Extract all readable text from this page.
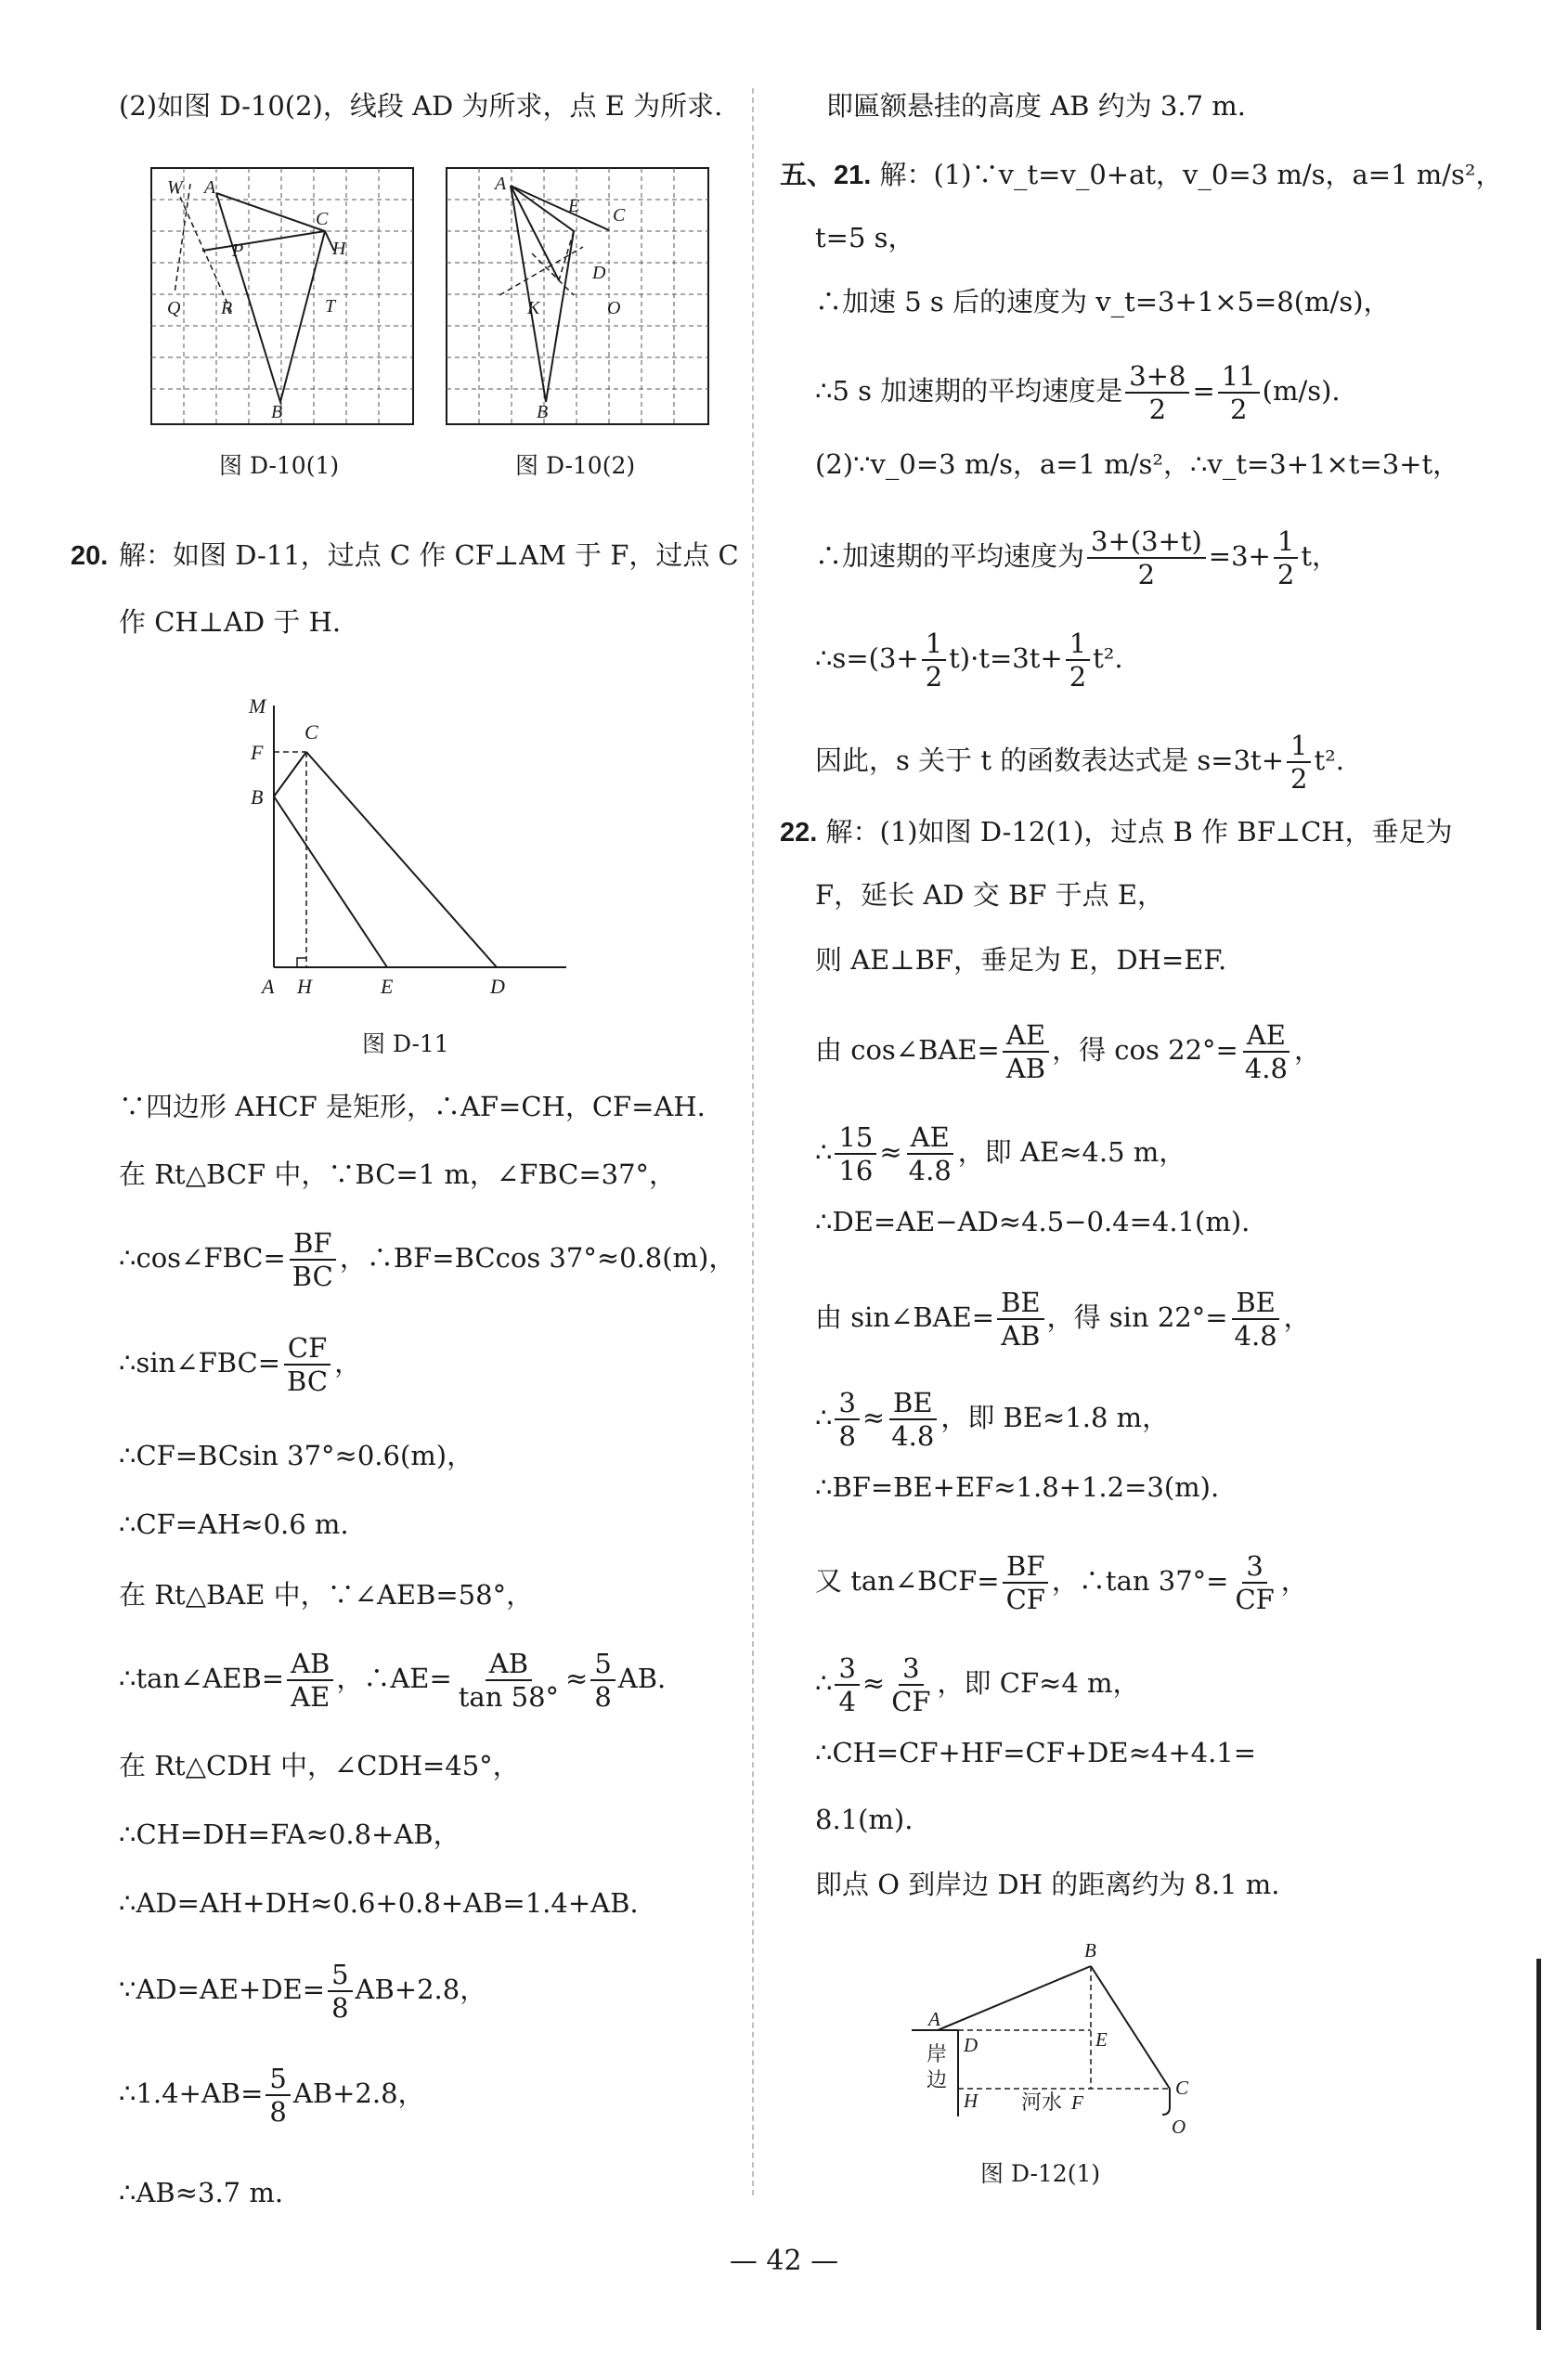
(2)如图 D-10(2)，线段 AD 为所求，点 E 为所求.
W A
C
H
P
Q R	T
B
图 D-10(1)
A
E C
D
K	O
B
图 D-10(2)
20. 解：如图 D-11，过点 C 作 CF⊥AM 于 F，过点 C
作 CH⊥AD 于 H.
M
F
C
B
A H	E	D
图 D-11
∵四边形 AHCF 是矩形，∴AF=CH，CF=AH.
在 Rt△BCF 中，∵BC=1 m，∠FBC=37°，
∴cos∠FBC= $\frac{BF}{BC}$ ，∴BF=BCcos 37°≈0.8(m)，
∴sin∠FBC= $\frac{CF}{BC}$ ，
∴CF=BCsin 37°≈0.6(m)，
∴CF=AH≈0.6 m.
在 Rt△BAE 中，∵∠AEB=58°，
∴tan∠AEB= $\frac{AB}{AE}$ ，∴AE= $\frac{AB}{\tan 58^\circ} \approx \frac{5}{8}$ AB.
在 Rt△CDH 中，∠CDH=45°，
∴CH=DH=FA≈0.8+AB，
∴AD=AH+DH≈0.6+0.8+AB=1.4+AB.
∵AD=AE+DE= $\frac{5}{8} AB+2.8$，
∴1.4+AB= $\frac{5}{8} AB+2.8$，
∴AB≈3.7 m.
即匾额悬挂的高度 AB 约为 3.7 m.
五、21. 解：(1)∵v_t=v_0+at，v_0=3 m/s，a=1 m/s²，
t=5 s，
∴加速 5 s 后的速度为 v_t=3+1×5=8(m/s)，
∴5 s 加速期的平均速度是 $\frac{3+8}{2} = \frac{11}{2} (m/s)$.
(2)∵v_0=3 m/s，a=1 m/s²，∴v_t=3+1×t=3+t，
∴加速期的平均速度为 $\frac{3+(3+t)}{2} =3+ \frac{1}{2}$ t，
∴s=(3+ $\frac{1}{2} t)\cdot t=3t+ \frac{1}{2} t^2$.
因此，s 关于 t 的函数表达式是 $s=3t+ \frac{1}{2} t^2$.
22. 解：(1)如图 D-12(1)，过点 B 作 BF⊥CH，垂足为
F，延长 AD 交 BF 于点 E，
则 AE⊥BF，垂足为 E，DH=EF.
由 cos∠BAE= $\frac{AE}{AB}$ ，得 $\cos 22^\circ= \frac{AE}{4.8}$ ，
∴ $\frac{15}{16} \approx \frac{AE}{4.8}$ ，即 AE≈4.5 m，
∴DE=AE−AD≈4.5−0.4=4.1(m).
由 sin∠BAE= $\frac{BE}{AB}$ ，得 $\sin 22^\circ= \frac{BE}{4.8}$ ，
∴ $\frac{3}{8} \approx \frac{BE}{4.8}$ ，即 BE≈1.8 m，
∴BF=BE+EF≈1.8+1.2=3(m).
又 tan∠BCF= $\frac{BF}{CF}$ ，∴tan $37^\circ= \frac{3}{CF}$ ，
∴ $\frac{3}{4} \approx \frac{3}{CF}$ ，即 CF≈4 m，
∴CH=CF+HF=CF+DE≈4+4.1=
8.1(m).
即点 O 到岸边 DH 的距离约为 8.1 m.
B
A
D	E
C
H
O
F
岸
边
河水
图 D-12(1)
— 42 —
